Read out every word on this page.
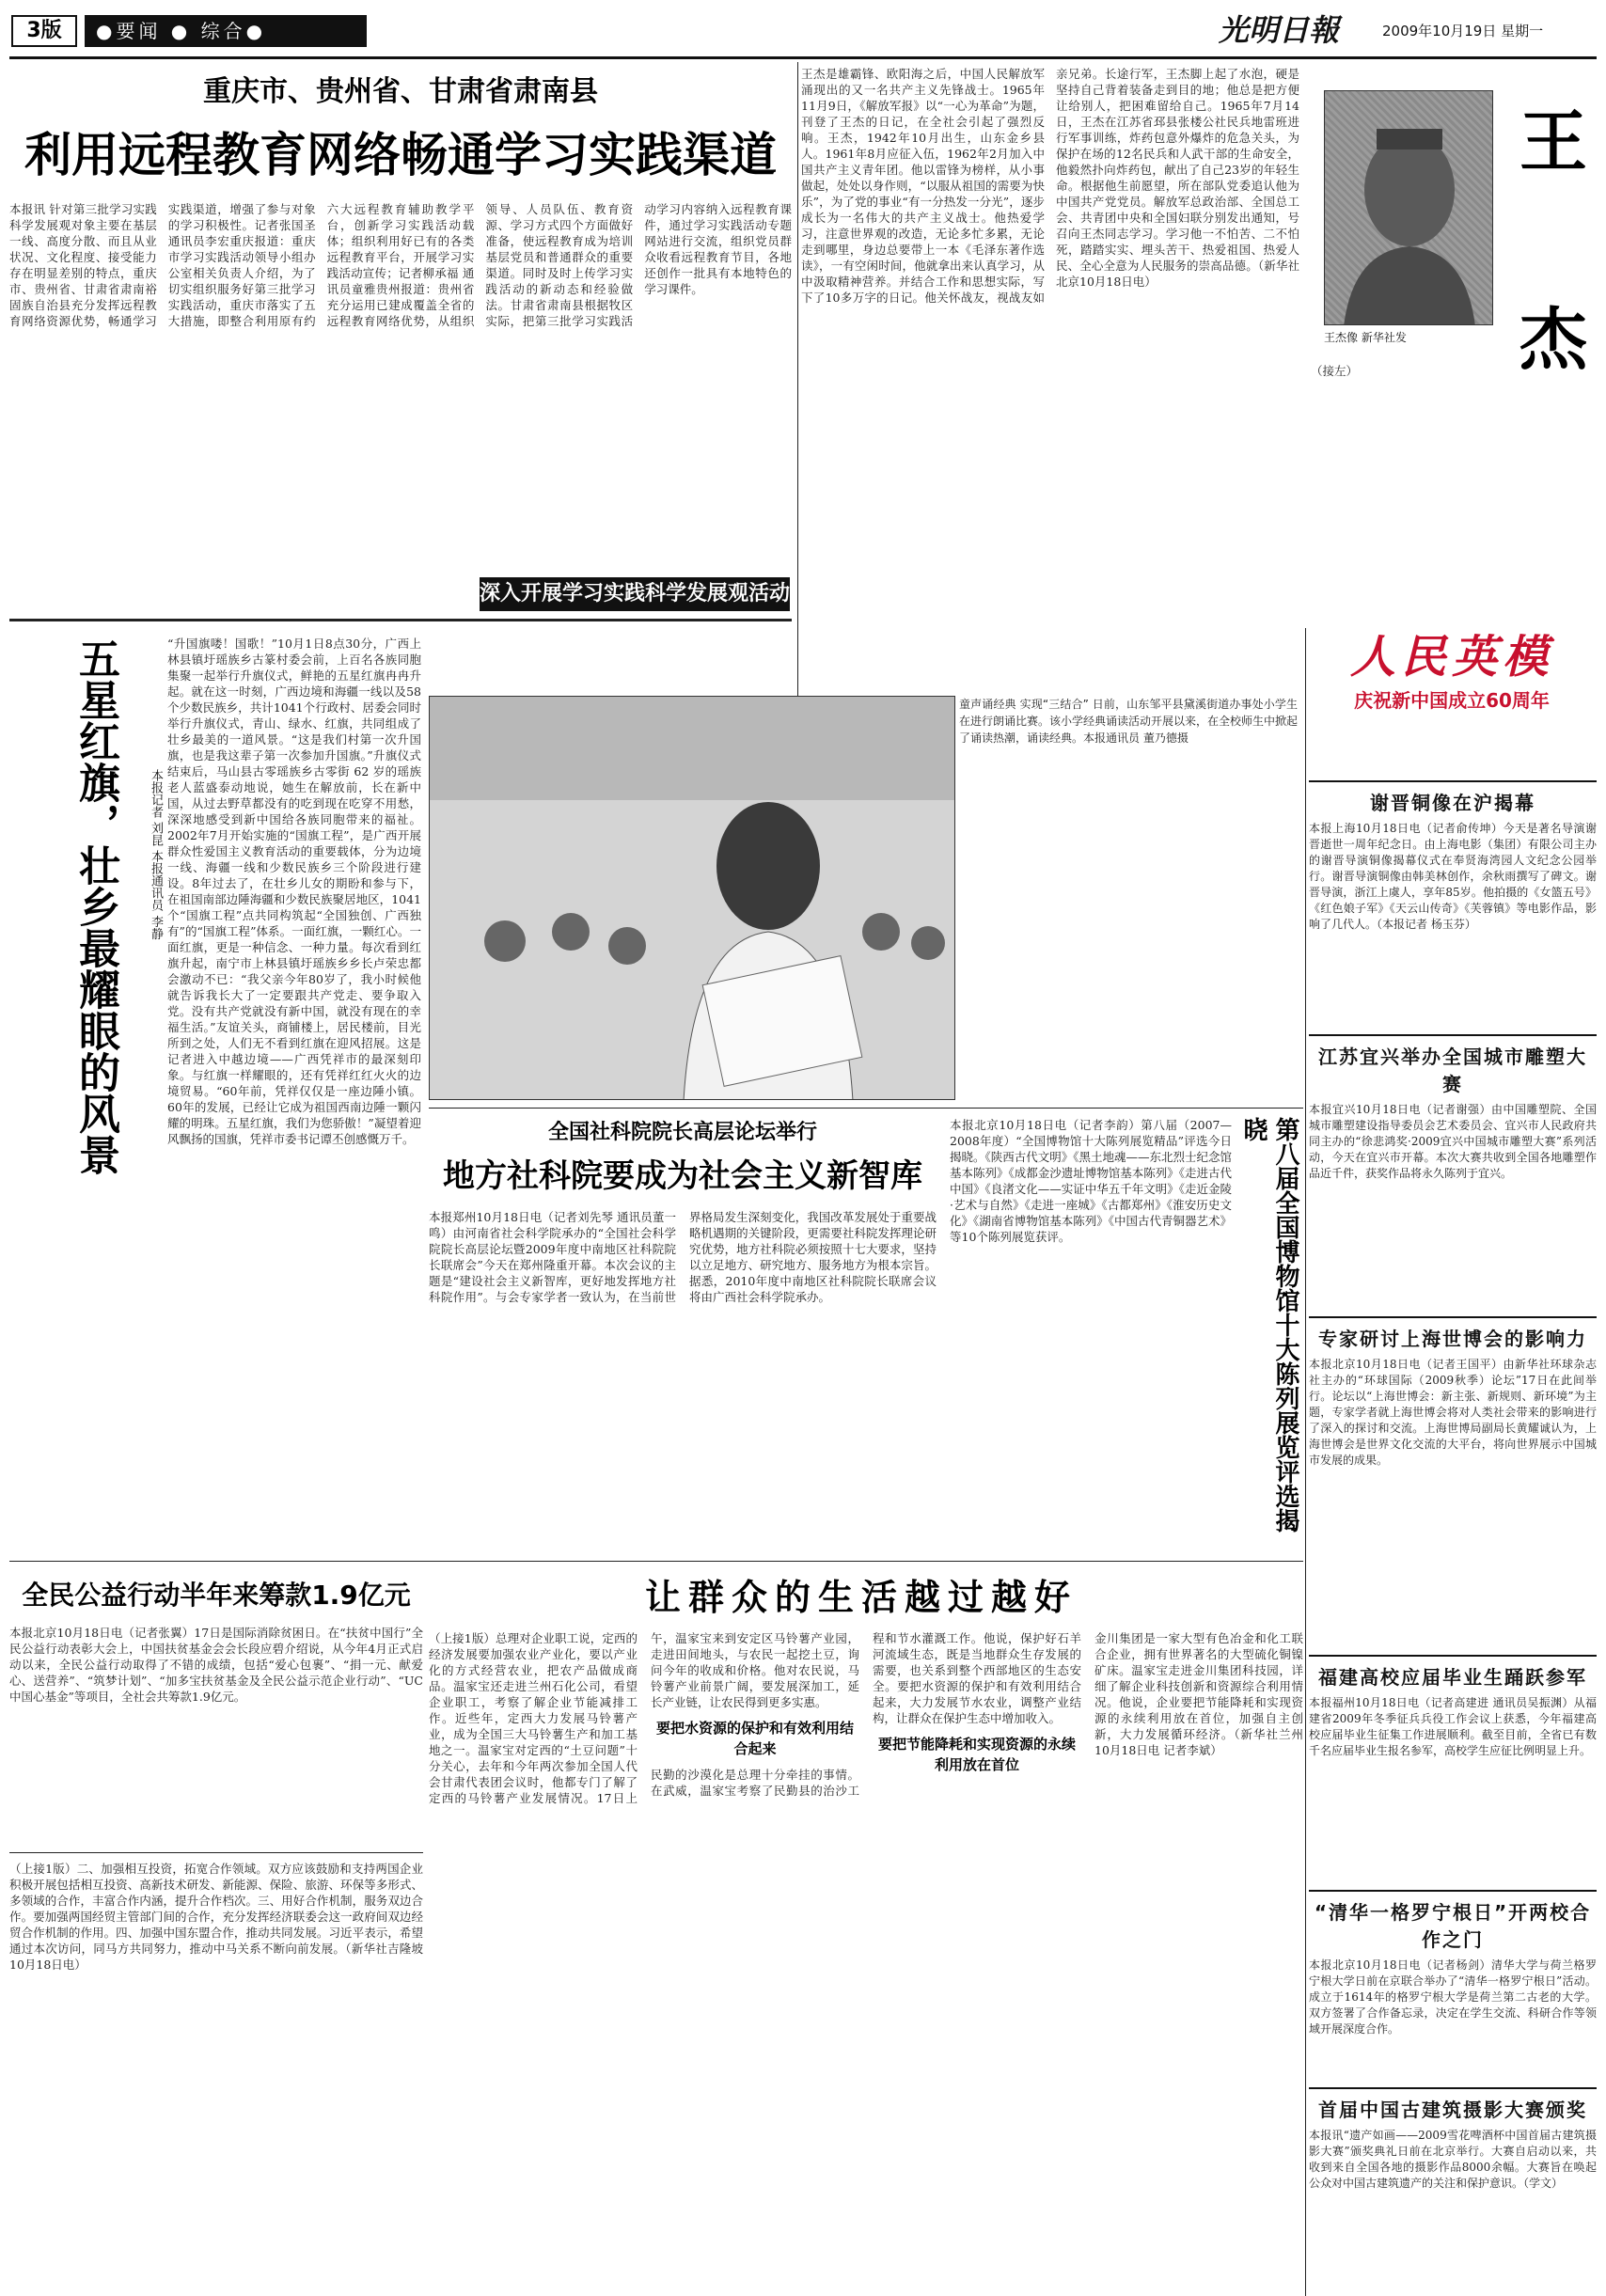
3版	●要闻 ● 综合●	光明日報	2009年10月19日 星期一
重庆市、贵州省、甘肃省肃南县
利用远程教育网络畅通学习实践渠道
本报讯 针对第三批学习实践科学发展观对象主要在基层一线、高度分散、而且从业状况、文化程度、接受能力存在明显差别的特点，重庆市、贵州省、甘肃省肃南裕固族自治县充分发挥远程教育网络资源优势，畅通学习实践渠道，增强了参与对象的学习积极性。记者张国圣 通讯员李宏重庆报道：重庆市学习实践活动领导小组办公室相关负责人介绍，为了切实组织服务好第三批学习实践活动，重庆市落实了五大措施，即整合利用原有约六大远程教育辅助教学平台，创新学习实践活动载体；组织利用好已有的各类远程教育平台，开展学习实践活动宣传；记者柳承福 通讯员童雅贵州报道：贵州省充分运用已建成覆盖全省的远程教育网络优势，从组织领导、人员队伍、教育资源、学习方式四个方面做好准备，使远程教育成为培训基层党员和普通群众的重要渠道。同时及时上传学习实践活动的新动态和经验做法。甘肃省肃南县根据牧区实际，把第三批学习实践活动学习内容纳入远程教育课件，通过学习实践活动专题网站进行交流，组织党员群众收看远程教育节目，各地还创作一批具有本地特色的学习课件。
深入开展学习实践科学发展观活动
王杰是雄霸锋、欧阳海之后，中国人民解放军涌现出的又一名共产主义先锋战士。1965年11月9日，《解放军报》以“一心为革命”为题，刊登了王杰的日记，在全社会引起了强烈反响。王杰，1942年10月出生，山东金乡县人。1961年8月应征入伍，1962年2月加入中国共产主义青年团。他以雷锋为榜样，从小事做起，处处以身作则，“以服从祖国的需要为快乐”，为了党的事业“有一分热发一分光”，逐步成长为一名伟大的共产主义战士。他热爱学习，注意世界观的改造，无论多忙多累，无论走到哪里，身边总要带上一本《毛泽东著作选读》，一有空闲时间，他就拿出来认真学习，从中汲取精神营养。并结合工作和思想实际，写下了10多万字的日记。他关怀战友，视战友如亲兄弟。长途行军，王杰脚上起了水泡，硬是坚持自己背着装备走到目的地；他总是把方便让给别人，把困难留给自己。1965年7月14日，王杰在江苏省邳县张楼公社民兵地雷班进行军事训练，炸药包意外爆炸的危急关头，为保护在场的12名民兵和人武干部的生命安全，他毅然扑向炸药包，献出了自己23岁的年轻生命。根据他生前愿望，所在部队党委追认他为中国共产党党员。解放军总政治部、全国总工会、共青团中央和全国妇联分别发出通知，号召向王杰同志学习。学习他一不怕苦、二不怕死，踏踏实实、埋头苦干、热爱祖国、热爱人民、全心全意为人民服务的崇高品德。（新华社北京10月18日电）
王杰像 新华社发
王
杰
（接左）
人民英模
庆祝新中国成立60周年
五星红旗，壮乡最耀眼的风景	本报记者 刘昆 本报通讯员 李静
“升国旗喽！国歌！”10月1日8点30分，广西上林县镇圩瑶族乡古篆村委会前，上百名各族同胞集聚一起举行升旗仪式，鲜艳的五星红旗冉冉升起。就在这一时刻，广西边境和海疆一线以及58个少数民族乡，共计1041个行政村、居委会同时举行升旗仪式，青山、绿水、红旗，共同组成了壮乡最美的一道风景。“这是我们村第一次升国旗，也是我这辈子第一次参加升国旗。”升旗仪式结束后，马山县古零瑶族乡古零街 62 岁的瑶族老人蓝盛泰动地说，她生在解放前，长在新中国，从过去野草都没有的吃到现在吃穿不用愁，深深地感受到新中国给各族同胞带来的福祉。2002年7月开始实施的“国旗工程”，是广西开展群众性爱国主义教育活动的重要载体，分为边境一线、海疆一线和少数民族乡三个阶段进行建设。8年过去了，在壮乡儿女的期盼和参与下，在祖国南部边陲海疆和少数民族聚居地区，1041个“国旗工程”点共同构筑起“全国独创、广西独有”的“国旗工程”体系。一面红旗，一颗红心。一面红旗，更是一种信念、一种力量。每次看到红旗升起，南宁市上林县镇圩瑶族乡乡长卢荣忠都会激动不已：“我父亲今年80岁了，我小时候他就告诉我长大了一定要跟共产党走、要争取入党。没有共产党就没有新中国，就没有现在的幸福生活。”友谊关头，商铺楼上，居民楼前，目光所到之处，人们无不看到红旗在迎风招展。这是记者进入中越边境——广西凭祥市的最深刻印象。与红旗一样耀眼的，还有凭祥红红火火的边境贸易。“60年前，凭祥仅仅是一座边陲小镇。60年的发展，已经让它成为祖国西南边陲一颗闪耀的明珠。五星红旗，我们为您骄傲！”凝望着迎风飘扬的国旗，凭祥市委书记谭丕创感慨万千。
童声诵经典 实现“三结合” 日前，山东邹平县黛溪街道办事处小学生在进行朗诵比赛。该小学经典诵读活动开展以来，在全校师生中掀起了诵读热潮，诵读经典。本报通讯员 董乃德摄
谢晋铜像在沪揭幕
本报上海10月18日电（记者俞传坤）今天是著名导演谢晋逝世一周年纪念日。由上海电影（集团）有限公司主办的谢晋导演铜像揭幕仪式在奉贤海湾园人文纪念公园举行。谢晋导演铜像由韩美林创作，余秋雨撰写了碑文。谢晋导演，浙江上虞人，享年85岁。他拍摄的《女篮五号》《红色娘子军》《天云山传奇》《芙蓉镇》等电影作品，影响了几代人。（本报记者 杨玉芬）
全国社科院院长高层论坛举行
地方社科院要成为社会主义新智库
本报郑州10月18日电（记者刘先琴 通讯员董一鸣）由河南省社会科学院承办的“全国社会科学院院长高层论坛暨2009年度中南地区社科院院长联席会”今天在郑州隆重开幕。本次会议的主题是“建设社会主义新智库，更好地发挥地方社科院作用”。与会专家学者一致认为，在当前世界格局发生深刻变化，我国改革发展处于重要战略机遇期的关键阶段，更需要社科院发挥理论研究优势，地方社科院必须按照十七大要求，坚持以立足地方、研究地方、服务地方为根本宗旨。据悉，2010年度中南地区社科院院长联席会议将由广西社会科学院承办。
本报北京10月18日电（记者李韵）第八届（2007—2008年度）“全国博物馆十大陈列展览精品”评选今日揭晓。《陕西古代文明》《黑土地魂——东北烈士纪念馆基本陈列》《成都金沙遗址博物馆基本陈列》《走进古代中国》《良渚文化——实证中华五千年文明》《走近金陵·艺术与自然》《走进一座城》《古都郑州》《淮安历史文化》《湖南省博物馆基本陈列》《中国古代青铜器艺术》等10个陈列展览获评。	第八届全国博物馆十大陈列展览评选揭晓
江苏宜兴举办全国城市雕塑大赛
本报宜兴10月18日电（记者谢强）由中国雕塑院、全国城市雕塑建设指导委员会艺术委员会、宜兴市人民政府共同主办的“徐悲鸿奖·2009宜兴中国城市雕塑大赛”系列活动，今天在宜兴市开幕。本次大赛共收到全国各地雕塑作品近千件，获奖作品将永久陈列于宜兴。
专家研讨上海世博会的影响力
本报北京10月18日电（记者王国平）由新华社环球杂志社主办的“环球国际（2009秋季）论坛”17日在此间举行。论坛以“上海世博会：新主张、新规则、新环境”为主题，专家学者就上海世博会将对人类社会带来的影响进行了深入的探讨和交流。上海世博局副局长黄耀诚认为，上海世博会是世界文化交流的大平台，将向世界展示中国城市发展的成果。
全民公益行动半年来筹款1.9亿元
本报北京10月18日电（记者张翼）17日是国际消除贫困日。在“扶贫中国行”全民公益行动表彰大会上，中国扶贫基金会会长段应碧介绍说，从今年4月正式启动以来，全民公益行动取得了不错的成绩，包括“爱心包裹”、“捐一元、献爱心、送营养”、“筑梦计划”、“加多宝扶贫基金及全民公益示范企业行动”、“UC中国心基金”等项目，全社会共筹款1.9亿元。
（上接1版）二、加强相互投资，拓宽合作领域。双方应该鼓励和支持两国企业积极开展包括相互投资、高新技术研发、新能源、保险、旅游、环保等多形式、多领域的合作，丰富合作内涵，提升合作档次。三、用好合作机制，服务双边合作。要加强两国经贸主管部门间的合作，充分发挥经济联委会这一政府间双边经贸合作机制的作用。四、加强中国东盟合作，推动共同发展。习近平表示，希望通过本次访问，同马方共同努力，推动中马关系不断向前发展。（新华社吉隆坡10月18日电）
让群众的生活越过越好
（上接1版）总理对企业职工说，定西的经济发展要加强农业产业化，要以产业化的方式经营农业，把农产品做成商品。温家宝还走进兰州石化公司，看望企业职工，考察了解企业节能减排工作。近些年，定西大力发展马铃薯产业，成为全国三大马铃薯生产和加工基地之一。温家宝对定西的“土豆问题”十分关心，去年和今年两次参加全国人代会甘肃代表团会议时，他都专门了解了定西的马铃薯产业发展情况。17日上午，温家宝来到安定区马铃薯产业园，走进田间地头，与农民一起挖土豆，询问今年的收成和价格。他对农民说，马铃薯产业前景广阔，要发展深加工，延长产业链，让农民得到更多实惠。
要把水资源的保护和有效利用结合起来
民勤的沙漠化是总理十分牵挂的事情。在武威，温家宝考察了民勤县的治沙工程和节水灌溉工作。他说，保护好石羊河流域生态，既是当地群众生存发展的需要，也关系到整个西部地区的生态安全。要把水资源的保护和有效利用结合起来，大力发展节水农业，调整产业结构，让群众在保护生态中增加收入。
要把节能降耗和实现资源的永续利用放在首位
金川集团是一家大型有色冶金和化工联合企业，拥有世界著名的大型硫化铜镍矿床。温家宝走进金川集团科技园，详细了解企业科技创新和资源综合利用情况。他说，企业要把节能降耗和实现资源的永续利用放在首位，加强自主创新，大力发展循环经济。（新华社兰州10月18日电 记者李斌）
福建高校应届毕业生踊跃参军
本报福州10月18日电（记者高建进 通讯员吴振渊）从福建省2009年冬季征兵兵役工作会议上获悉，今年福建高校应届毕业生征集工作进展顺利。截至目前，全省已有数千名应届毕业生报名参军，高校学生应征比例明显上升。
“清华一格罗宁根日”开两校合作之门
本报北京10月18日电（记者杨剑）清华大学与荷兰格罗宁根大学日前在京联合举办了“清华一格罗宁根日”活动。成立于1614年的格罗宁根大学是荷兰第二古老的大学。双方签署了合作备忘录，决定在学生交流、科研合作等领域开展深度合作。
首届中国古建筑摄影大赛颁奖
本报讯“遗产如画——2009雪花啤酒杯中国首届古建筑摄影大赛”颁奖典礼日前在北京举行。大赛自启动以来，共收到来自全国各地的摄影作品8000余幅。大赛旨在唤起公众对中国古建筑遗产的关注和保护意识。（学文）
